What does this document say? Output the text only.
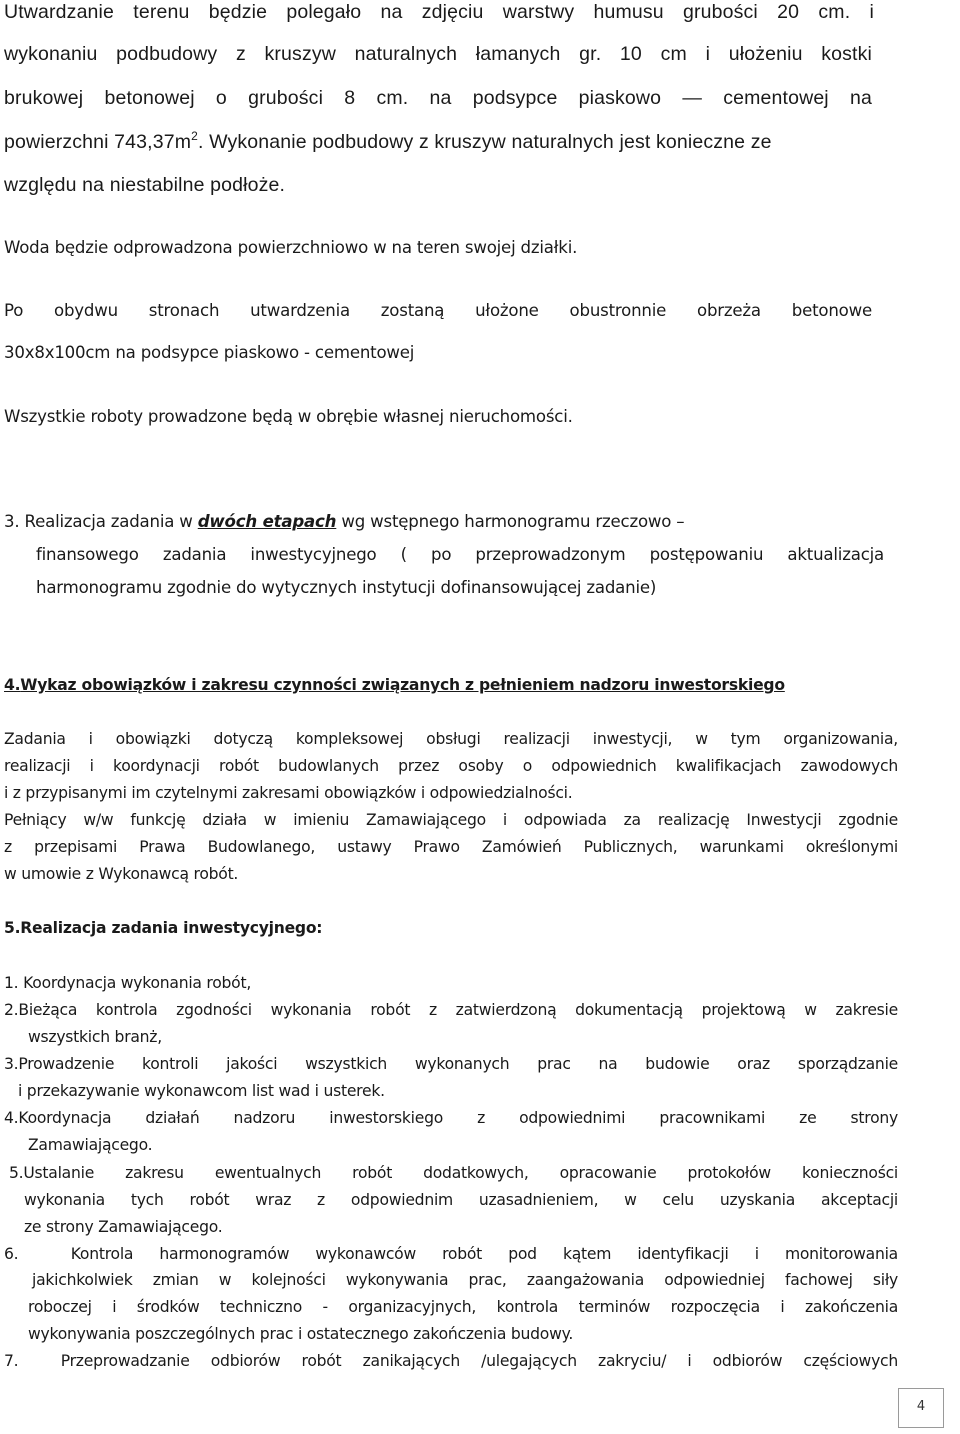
Utwardzanie terenu będzie polegało na zdjęciu warstwy humusu grubości 20 cm. i
wykonaniu podbudowy z kruszyw naturalnych łamanych gr. 10 cm i ułożeniu kostki
brukowej betonowej o grubości 8 cm. na podsypce piaskowo — cementowej na
powierzchni $743,37m^2$. Wykonanie podbudowy z kruszyw naturalnych jest konieczne ze
względu na niestabilne podłoże.
Woda będzie odprowadzona powierzchniowo w na teren swojej działki.
Po obydwu stronach utwardzenia zostaną ułożone obustronnie obrzeża betonowe
30x8x100cm na podsypce piaskowo - cementowej
Wszystkie roboty prowadzone będą w obrębie własnej nieruchomości.
3. Realizacja zadania w dwóch etapach wg wstępnego harmonogramu rzeczowo –
finansowego zadania inwestycyjnego ( po przeprowadzonym postępowaniu aktualizacja
harmonogramu zgodnie do wytycznych instytucji dofinansowującej zadanie)
4.Wykaz obowiązków i zakresu czynności związanych z pełnieniem nadzoru inwestorskiego
Zadania i obowiązki dotyczą kompleksowej obsługi realizacji inwestycji, w tym organizowania,
realizacji i koordynacji robót budowlanych przez osoby o odpowiednich kwalifikacjach zawodowych
i z przypisanymi im czytelnymi zakresami obowiązków i odpowiedzialności.
Pełniący w/w funkcję działa w imieniu Zamawiającego i odpowiada za realizację Inwestycji zgodnie
z przepisami Prawa Budowlanego, ustawy Prawo Zamówień Publicznych, warunkami określonymi
w umowie z Wykonawcą robót.
5.Realizacja zadania inwestycyjnego:
1. Koordynacja wykonania robót,
2.Bieżąca kontrola zgodności wykonania robót z zatwierdzoną dokumentacją projektową w zakresie
wszystkich branż,
3.Prowadzenie kontroli jakości wszystkich wykonanych prac na budowie oraz sporządzanie
i przekazywanie wykonawcom list wad i usterek.
4.Koordynacja działań nadzoru inwestorskiego z odpowiednimi pracownikami ze strony
Zamawiającego.
5.Ustalanie zakresu ewentualnych robót dodatkowych, opracowanie protokołów konieczności
wykonania tych robót wraz z odpowiednim uzasadnieniem, w celu uzyskania akceptacji
ze strony Zamawiającego.
6.	Kontrola harmonogramów wykonawców robót pod kątem identyfikacji i monitorowania
jakichkolwiek zmian w kolejności wykonywania prac, zaangażowania odpowiedniej fachowej siły
roboczej i środków techniczno - organizacyjnych, kontrola terminów rozpoczęcia i zakończenia
wykonywania poszczególnych prac i ostatecznego zakończenia budowy.
7.	Przeprowadzanie odbiorów robót zanikających /ulegających zakryciu/ i odbiorów częściowych
4
